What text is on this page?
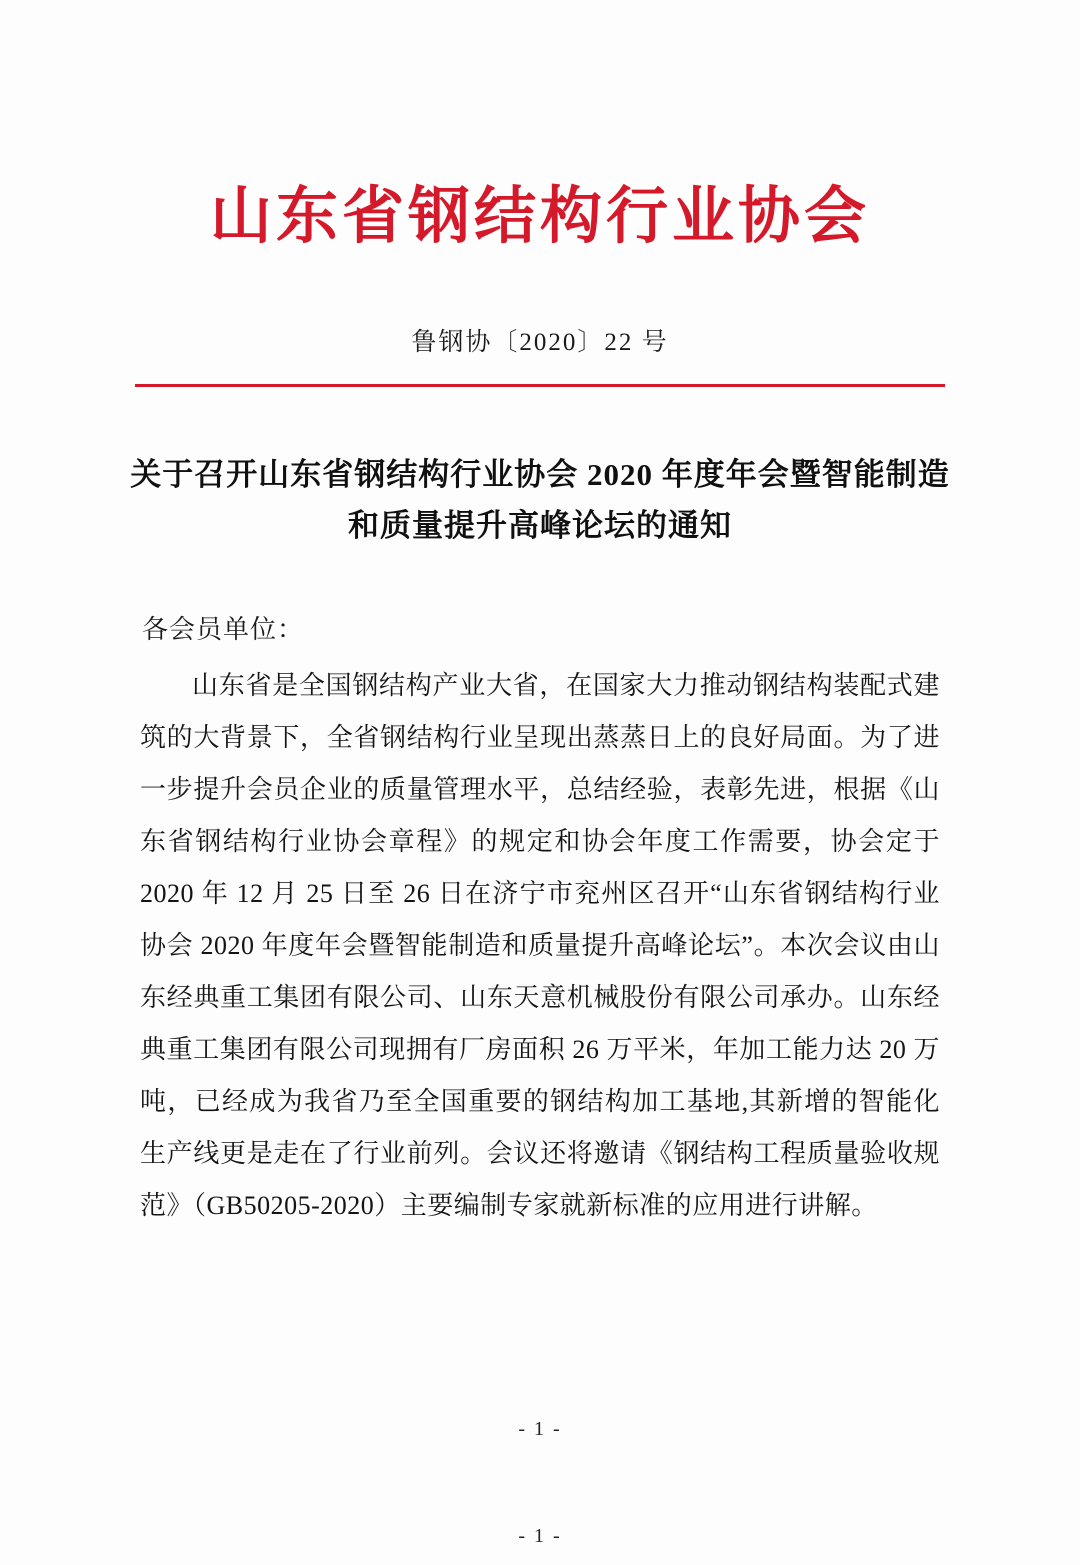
山东省钢结构行业协会
鲁钢协〔2020〕22 号
关于召开山东省钢结构行业协会 2020 年度年会暨智能制造和质量提升高峰论坛的通知
各会员单位：
山东省是全国钢结构产业大省，在国家大力推动钢结构装配式建筑的大背景下，全省钢结构行业呈现出蒸蒸日上的良好局面。为了进一步提升会员企业的质量管理水平，总结经验，表彰先进，根据《山东省钢结构行业协会章程》的规定和协会年度工作需要，协会定于 2020 年 12 月 25 日至 26 日在济宁市兖州区召开“山东省钢结构行业协会 2020 年度年会暨智能制造和质量提升高峰论坛”。本次会议由山东经典重工集团有限公司、山东天意机械股份有限公司承办。山东经典重工集团有限公司现拥有厂房面积 26 万平米，年加工能力达 20 万吨，已经成为我省乃至全国重要的钢结构加工基地,其新增的智能化生产线更是走在了行业前列。会议还将邀请《钢结构工程质量验收规范》（GB50205-2020）主要编制专家就新标准的应用进行讲解。
- 1 -
- 1 -
